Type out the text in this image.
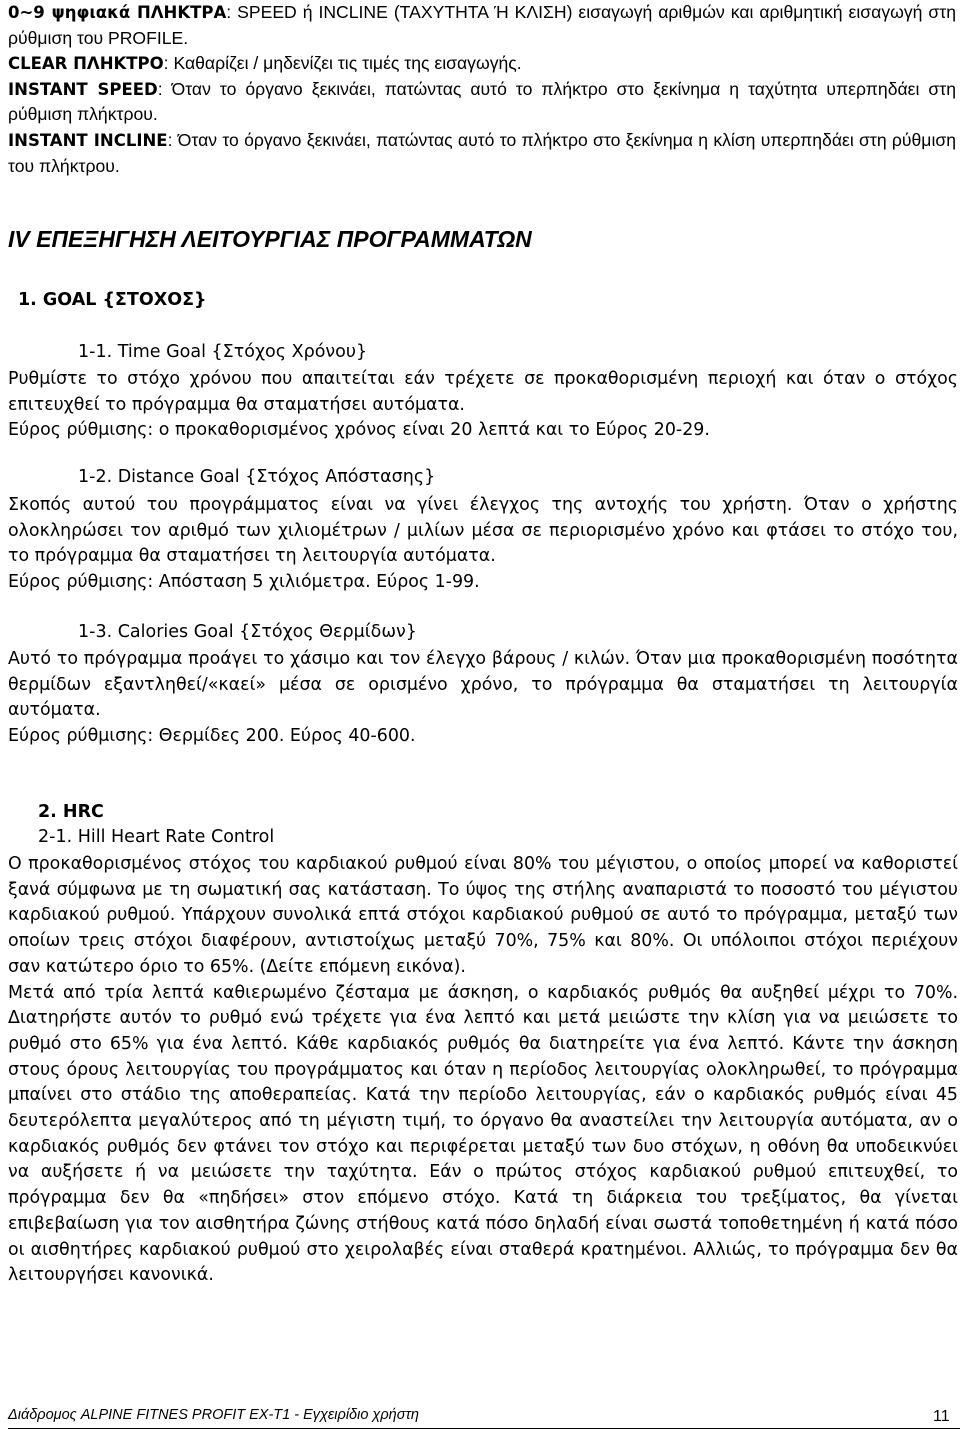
0~9 ψηφιακά ΠΛΗΚΤΡΑ: SPEED ή INCLINE (ΤΑΧΥΤΗΤΑ Ή ΚΛΙΣΗ) εισαγωγή αριθμών και αριθμητική εισαγωγή στη ρύθμιση του PROFILE.

CLEAR ΠΛΗΚΤΡΟ: Καθαρίζει / μηδενίζει τις τιμές της εισαγωγής.

INSTANT SPEED: Όταν το όργανο ξεκινάει, πατώντας αυτό το πλήκτρο στο ξεκίνημα η ταχύτητα υπερπηδάει στη ρύθμιση πλήκτρου.

INSTANT INCLINE: Όταν το όργανο ξεκινάει, πατώντας αυτό το πλήκτρο στο ξεκίνημα η κλίση υπερπηδάει στη ρύθμιση του πλήκτρου.

IV ΕΠΕΞΗΓΗΣΗ ΛΕΙΤΟΥΡΓΙΑΣ ΠΡΟΓΡΑΜΜΑΤΩΝ
1. GOAL {ΣΤΟΧΟΣ}
1-1. Time Goal {Στόχος Χρόνου}

Ρυθμίστε το στόχο χρόνου που απαιτείται εάν τρέχετε σε προκαθορισμένη περιοχή και όταν ο στόχος επιτευχθεί το πρόγραμμα θα σταματήσει αυτόματα.

Εύρος ρύθμισης: ο προκαθορισμένος χρόνος είναι 20 λεπτά και το Εύρος 20-29.

1-2. Distance Goal {Στόχος Απόστασης}

Σκοπός αυτού του προγράμματος είναι να γίνει έλεγχος της αντοχής του χρήστη. Όταν ο χρήστης ολοκληρώσει τον αριθμό των χιλιομέτρων / μιλίων μέσα σε περιορισμένο χρόνο και φτάσει το στόχο του, το πρόγραμμα θα σταματήσει τη λειτουργία αυτόματα.

Εύρος ρύθμισης: Απόσταση 5 χιλιόμετρα. Εύρος 1-99.

1-3. Calories Goal {Στόχος Θερμίδων}

Αυτό το πρόγραμμα προάγει το χάσιμο και τον έλεγχο βάρους / κιλών. Όταν μια προκαθορισμένη ποσότητα θερμίδων εξαντληθεί/«καεί» μέσα σε ορισμένο χρόνο, το πρόγραμμα θα σταματήσει τη λειτουργία αυτόματα.

Εύρος ρύθμισης: Θερμίδες 200. Εύρος 40-600.

2. HRC
2-1. Hill Heart Rate Control

Ο προκαθορισμένος στόχος του καρδιακού ρυθμού είναι 80% του μέγιστου, ο οποίος μπορεί να καθοριστεί ξανά σύμφωνα με τη σωματική σας κατάσταση. Το ύψος της στήλης αναπαριστά το ποσοστό του μέγιστου καρδιακού ρυθμού. Υπάρχουν συνολικά επτά στόχοι καρδιακού ρυθμού σε αυτό το πρόγραμμα, μεταξύ των οποίων τρεις στόχοι διαφέρουν, αντιστοίχως μεταξύ 70%, 75% και 80%. Οι υπόλοιποι στόχοι περιέχουν σαν κατώτερο όριο το 65%. (Δείτε επόμενη εικόνα).

Μετά από τρία λεπτά καθιερωμένο ζέσταμα με άσκηση, ο καρδιακός ρυθμός θα αυξηθεί μέχρι το 70%. Διατηρήστε αυτόν το ρυθμό ενώ τρέχετε για ένα λεπτό και μετά μειώστε την κλίση για να μειώσετε το ρυθμό στο 65% για ένα λεπτό. Κάθε καρδιακός ρυθμός θα διατηρείτε για ένα λεπτό. Κάντε την άσκηση στους όρους λειτουργίας του προγράμματος και όταν η περίοδος λειτουργίας ολοκληρωθεί, το πρόγραμμα μπαίνει στο στάδιο της αποθεραπείας. Κατά την περίοδο λειτουργίας, εάν ο καρδιακός ρυθμός είναι 45 δευτερόλεπτα μεγαλύτερος από τη μέγιστη τιμή, το όργανο θα αναστείλει την λειτουργία αυτόματα, αν ο καρδιακός ρυθμός δεν φτάνει τον στόχο και περιφέρεται μεταξύ των δυο στόχων, η οθόνη θα υποδεικνύει να αυξήσετε ή να μειώσετε την ταχύτητα. Εάν ο πρώτος στόχος καρδιακού ρυθμού επιτευχθεί, το πρόγραμμα δεν θα «πηδήσει» στον επόμενο στόχο. Κατά τη διάρκεια του τρεξίματος, θα γίνεται επιβεβαίωση για τον αισθητήρα ζώνης στήθους κατά πόσο δηλαδή είναι σωστά τοποθετημένη ή κατά πόσο οι αισθητήρες καρδιακού ρυθμού στο χειρολαβές είναι σταθερά κρατημένοι. Αλλιώς, το πρόγραμμα δεν θα λειτουργήσει κανονικά.

Διάδρομος ALPINE FITNES PROFIT EX-T1 - Εγχειρίδιο χρήστη	11
